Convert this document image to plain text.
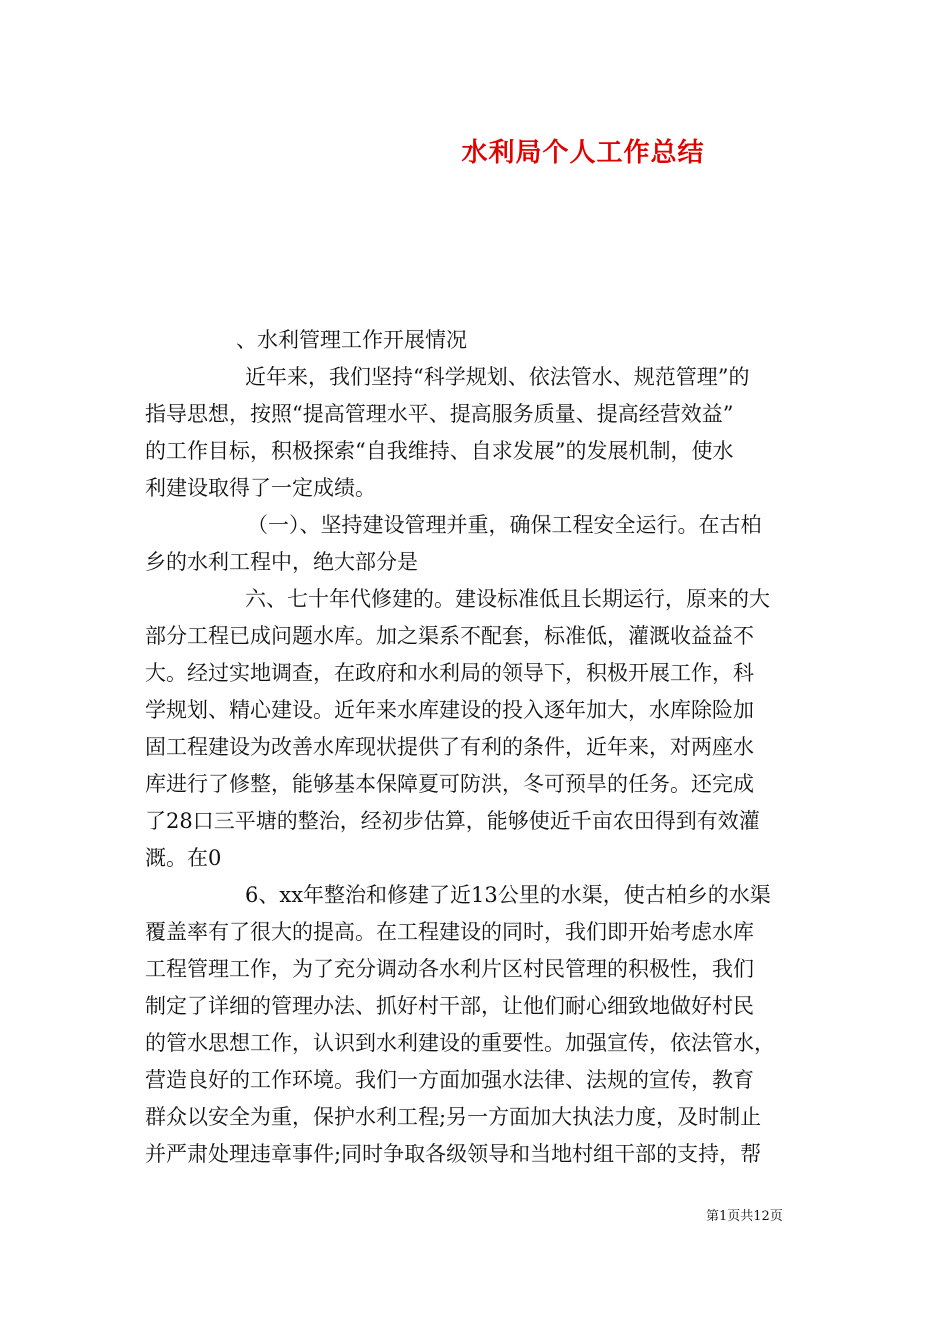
水利局个人工作总结
、水利管理工作开展情况
近年来，我们坚持“科学规划、依法管水、规范管理”的
指导思想，按照“提高管理水平、提高服务质量、提高经营效益”
的工作目标，积极探索“自我维持、自求发展”的发展机制，使水
利建设取得了一定成绩。
（一）、坚持建设管理并重，确保工程安全运行。在古柏
乡的水利工程中，绝大部分是
六、七十年代修建的。建设标准低且长期运行，原来的大
部分工程已成问题水库。加之渠系不配套，标准低，灌溉收益益不
大。经过实地调查，在政府和水利局的领导下，积极开展工作，科
学规划、精心建设。近年来水库建设的投入逐年加大，水库除险加
固工程建设为改善水库现状提供了有利的条件，近年来，对两座水
库进行了修整，能够基本保障夏可防洪，冬可预旱的任务。还完成
了28口三平塘的整治，经初步估算，能够使近千亩农田得到有效灌
溉。在0
6、xx年整治和修建了近13公里的水渠，使古柏乡的水渠
覆盖率有了很大的提高。在工程建设的同时，我们即开始考虑水库
工程管理工作，为了充分调动各水利片区村民管理的积极性，我们
制定了详细的管理办法、抓好村干部，让他们耐心细致地做好村民
的管水思想工作，认识到水利建设的重要性。加强宣传，依法管水，
营造良好的工作环境。我们一方面加强水法律、法规的宣传，教育
群众以安全为重，保护水利工程;另一方面加大执法力度，及时制止
并严肃处理违章事件;同时争取各级领导和当地村组干部的支持，帮
第1页共12页
